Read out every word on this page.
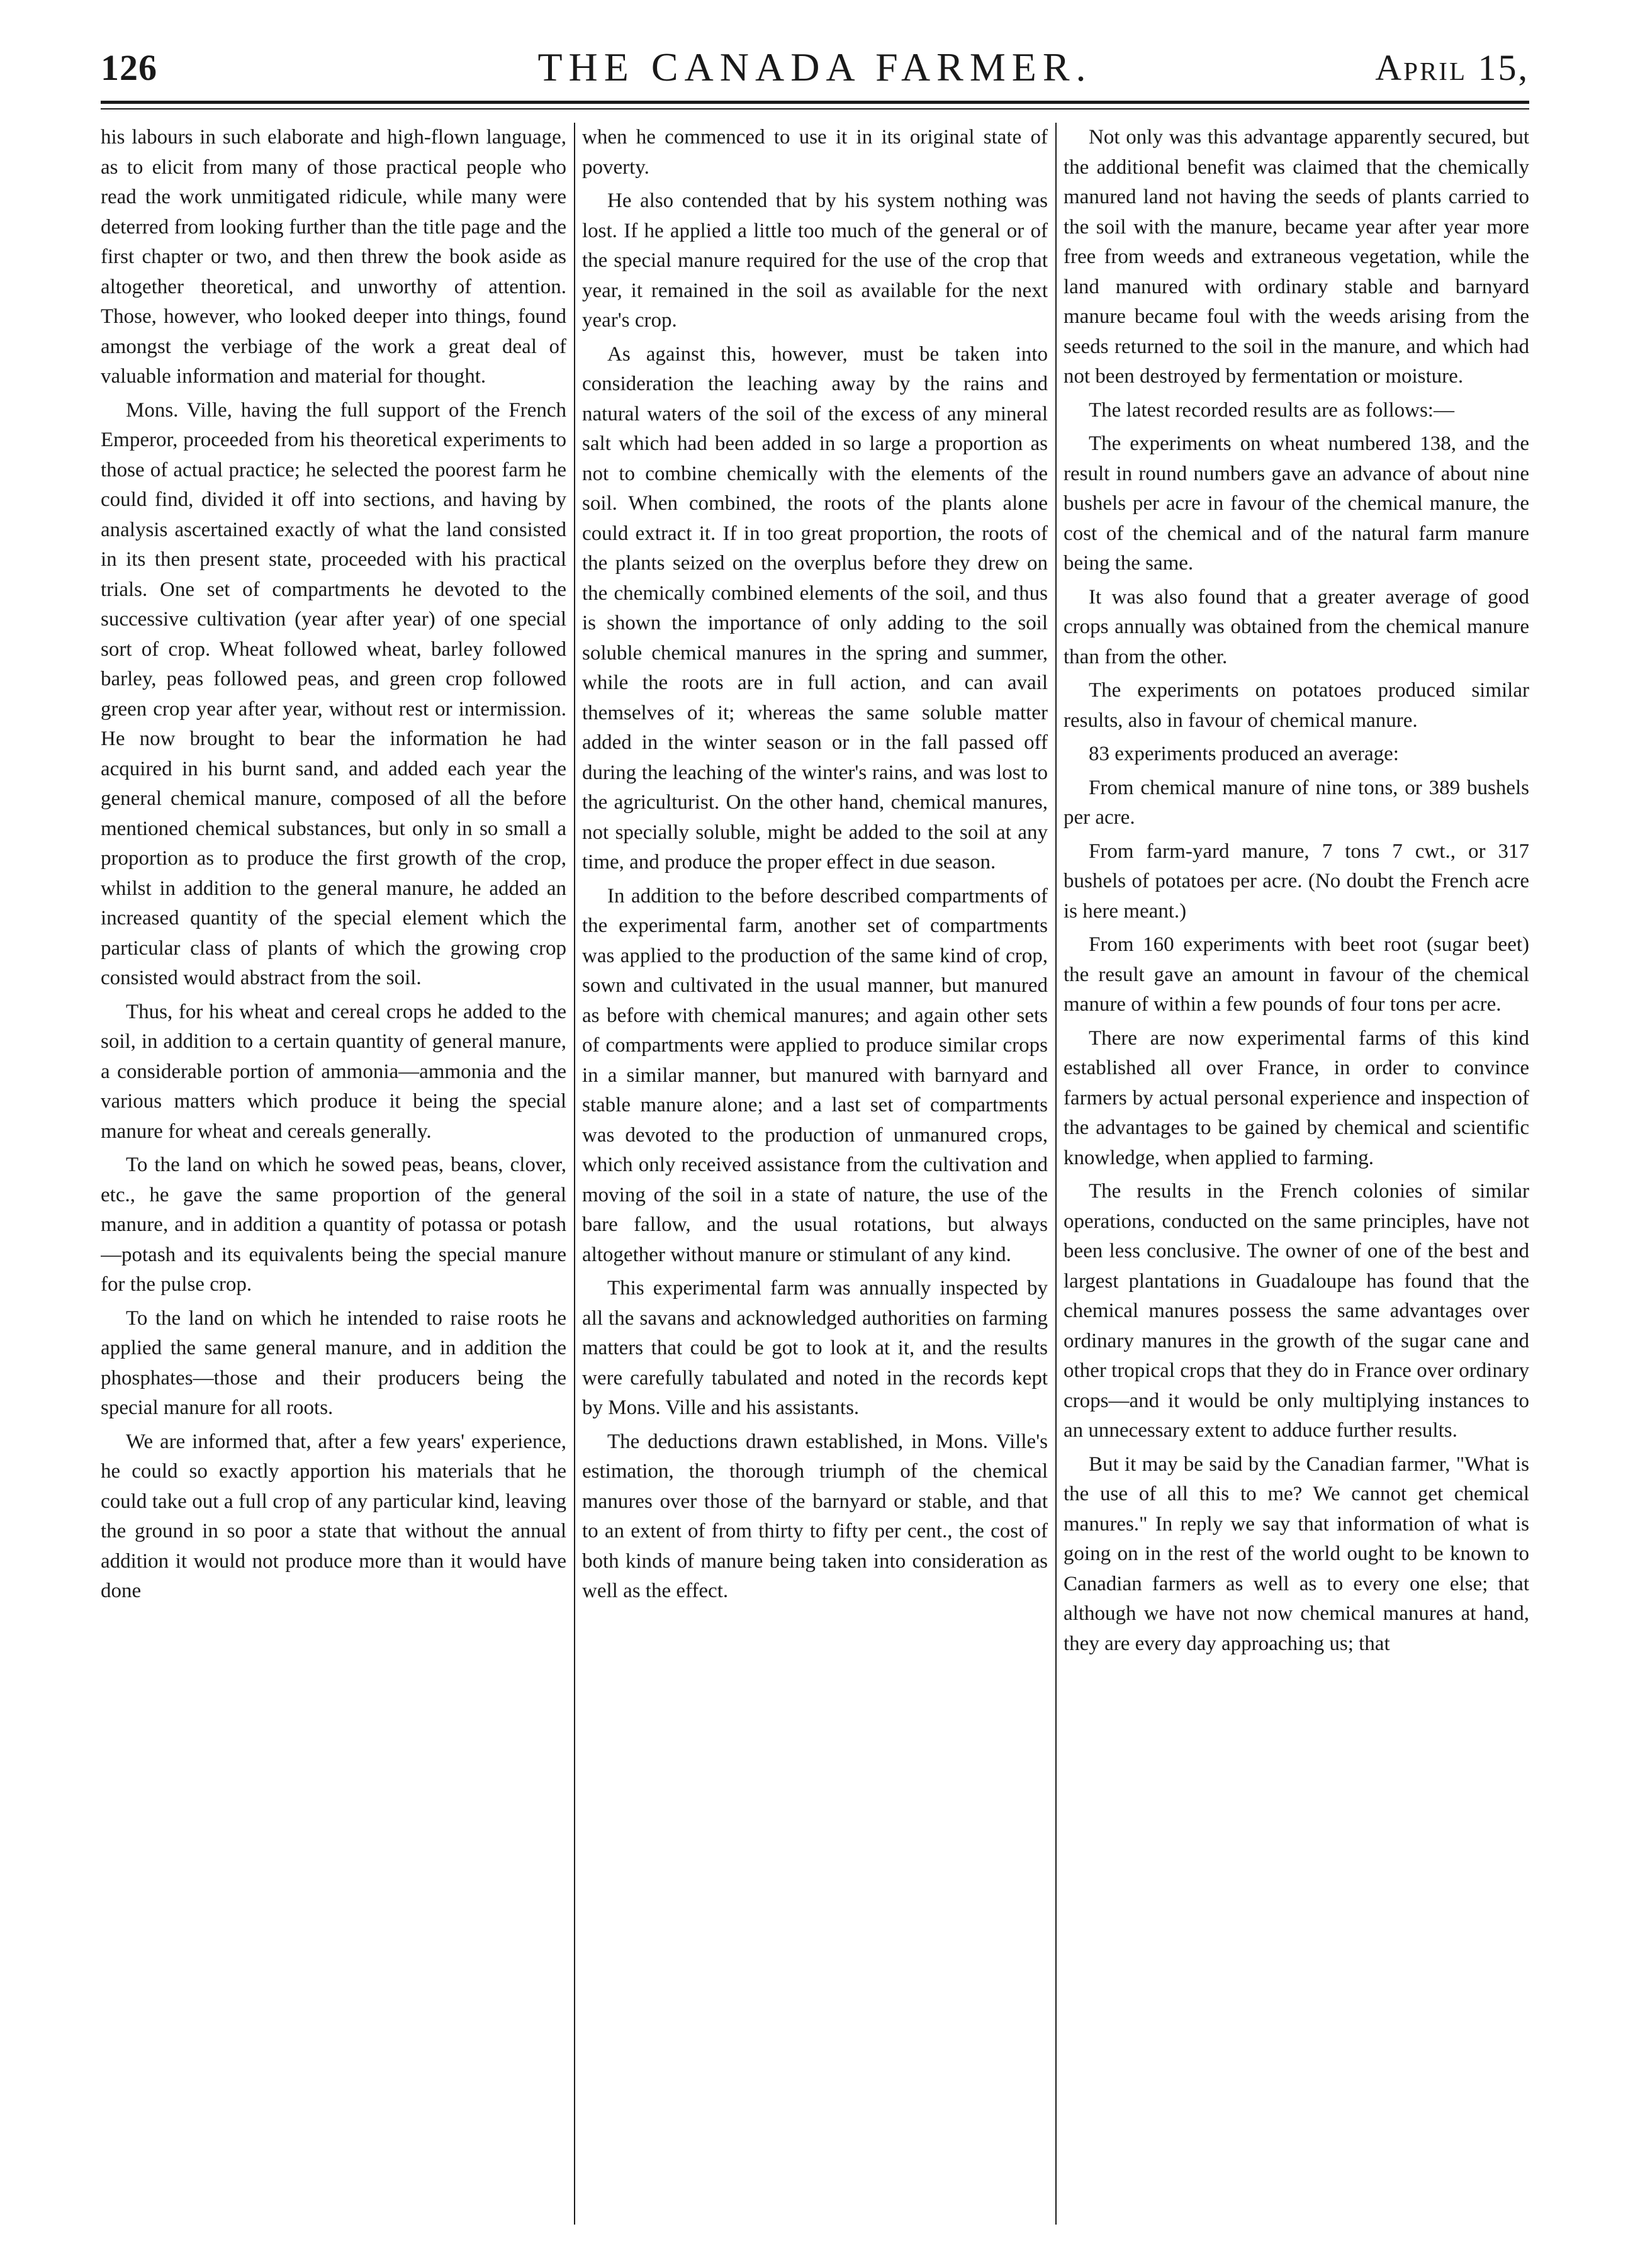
126	THE CANADA FARMER.	April 15,

his labours in such elaborate and high-flown language, as to elicit from many of those practical people who read the work unmitigated ridicule, while many were deterred from looking further than the title page and the first chapter or two, and then threw the book aside as altogether theoretical, and unworthy of attention. Those, however, who looked deeper into things, found amongst the verbiage of the work a great deal of valuable information and material for thought.

Mons. Ville, having the full support of the French Emperor, proceeded from his theoretical experiments to those of actual practice; he selected the poorest farm he could find, divided it off into sections, and having by analysis ascertained exactly of what the land consisted in its then present state, proceeded with his practical trials. One set of compartments he devoted to the successive cultivation (year after year) of one special sort of crop. Wheat followed wheat, barley followed barley, peas followed peas, and green crop followed green crop year after year, without rest or intermission. He now brought to bear the information he had acquired in his burnt sand, and added each year the general chemical manure, composed of all the before mentioned chemical substances, but only in so small a proportion as to produce the first growth of the crop, whilst in addition to the general manure, he added an increased quantity of the special element which the particular class of plants of which the growing crop consisted would abstract from the soil.

Thus, for his wheat and cereal crops he added to the soil, in addition to a certain quantity of general manure, a considerable portion of ammonia—ammonia and the various matters which produce it being the special manure for wheat and cereals generally.

To the land on which he sowed peas, beans, clover, etc., he gave the same proportion of the general manure, and in addition a quantity of potassa or potash—potash and its equivalents being the special manure for the pulse crop.

To the land on which he intended to raise roots he applied the same general manure, and in addition the phosphates—those and their producers being the special manure for all roots.

We are informed that, after a few years' experience, he could so exactly apportion his materials that he could take out a full crop of any particular kind, leaving the ground in so poor a state that without the annual addition it would not produce more than it would have done

when he commenced to use it in its original state of poverty.

He also contended that by his system nothing was lost. If he applied a little too much of the general or of the special manure required for the use of the crop that year, it remained in the soil as available for the next year's crop.

As against this, however, must be taken into consideration the leaching away by the rains and natural waters of the soil of the excess of any mineral salt which had been added in so large a proportion as not to combine chemically with the elements of the soil. When combined, the roots of the plants alone could extract it. If in too great proportion, the roots of the plants seized on the overplus before they drew on the chemically combined elements of the soil, and thus is shown the importance of only adding to the soil soluble chemical manures in the spring and summer, while the roots are in full action, and can avail themselves of it; whereas the same soluble matter added in the winter season or in the fall passed off during the leaching of the winter's rains, and was lost to the agriculturist. On the other hand, chemical manures, not specially soluble, might be added to the soil at any time, and produce the proper effect in due season.

In addition to the before described compartments of the experimental farm, another set of compartments was applied to the production of the same kind of crop, sown and cultivated in the usual manner, but manured as before with chemical manures; and again other sets of compartments were applied to produce similar crops in a similar manner, but manured with barnyard and stable manure alone; and a last set of compartments was devoted to the production of unmanured crops, which only received assistance from the cultivation and moving of the soil in a state of nature, the use of the bare fallow, and the usual rotations, but always altogether without manure or stimulant of any kind.

This experimental farm was annually inspected by all the savans and acknowledged authorities on farming matters that could be got to look at it, and the results were carefully tabulated and noted in the records kept by Mons. Ville and his assistants.

The deductions drawn established, in Mons. Ville's estimation, the thorough triumph of the chemical manures over those of the barnyard or stable, and that to an extent of from thirty to fifty per cent., the cost of both kinds of manure being taken into consideration as well as the effect.

Not only was this advantage apparently secured, but the additional benefit was claimed that the chemically manured land not having the seeds of plants carried to the soil with the manure, became year after year more free from weeds and extraneous vegetation, while the land manured with ordinary stable and barnyard manure became foul with the weeds arising from the seeds returned to the soil in the manure, and which had not been destroyed by fermentation or moisture.

The latest recorded results are as follows:—

The experiments on wheat numbered 138, and the result in round numbers gave an advance of about nine bushels per acre in favour of the chemical manure, the cost of the chemical and of the natural farm manure being the same.

It was also found that a greater average of good crops annually was obtained from the chemical manure than from the other.

The experiments on potatoes produced similar results, also in favour of chemical manure.

83 experiments produced an average:

From chemical manure of nine tons, or 389 bushels per acre.

From farm-yard manure, 7 tons 7 cwt., or 317 bushels of potatoes per acre. (No doubt the French acre is here meant.)

From 160 experiments with beet root (sugar beet) the result gave an amount in favour of the chemical manure of within a few pounds of four tons per acre.

There are now experimental farms of this kind established all over France, in order to convince farmers by actual personal experience and inspection of the advantages to be gained by chemical and scientific knowledge, when applied to farming.

The results in the French colonies of similar operations, conducted on the same principles, have not been less conclusive. The owner of one of the best and largest plantations in Guadaloupe has found that the chemical manures possess the same advantages over ordinary manures in the growth of the sugar cane and other tropical crops that they do in France over ordinary crops—and it would be only multiplying instances to an unnecessary extent to adduce further results.

But it may be said by the Canadian farmer, "What is the use of all this to me? We cannot get chemical manures." In reply we say that information of what is going on in the rest of the world ought to be known to Canadian farmers as well as to every one else; that although we have not now chemical manures at hand, they are every day approaching us; that
